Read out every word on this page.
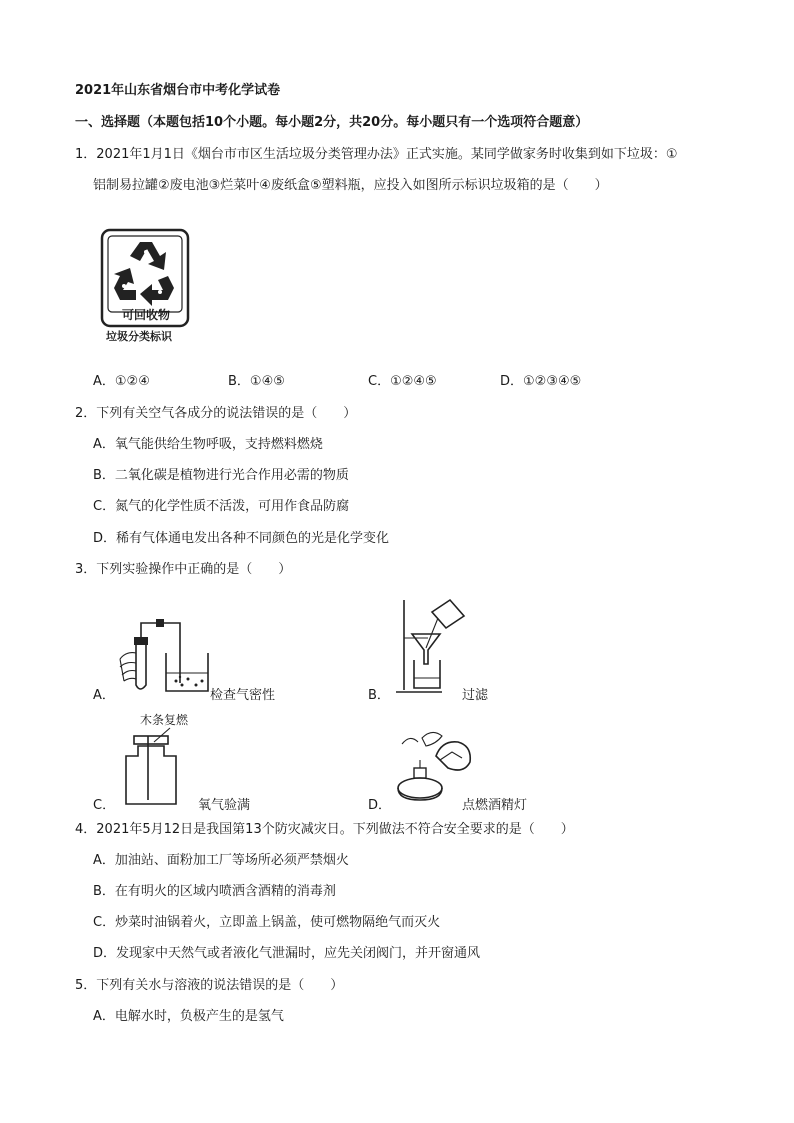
2021年山东省烟台市中考化学试卷
一、选择题（本题包括10个小题。每小题2分，共20分。每小题只有一个选项符合题意）
1．2021年1月1日《烟台市市区生活垃圾分类管理办法》正式实施。某同学做家务时收集到如下垃圾：①
铝制易拉罐②废电池③烂菜叶④废纸盒⑤塑料瓶，应投入如图所示标识垃圾箱的是（　　）
可回收物
垃圾分类标识
A．①②④	B．①④⑤	C．①②④⑤	D．①②③④⑤
2．下列有关空气各成分的说法错误的是（　　）
A．氧气能供给生物呼吸，支持燃料燃烧
B．二氧化碳是植物进行光合作用必需的物质
C．氮气的化学性质不活泼，可用作食品防腐
D．稀有气体通电发出各种不同颜色的光是化学变化
3．下列实验操作中正确的是（　　）
A．	检查气密性	B．	过滤
木条复燃
C．	氧气验满	D．	点燃酒精灯
4．2021年5月12日是我国第13个防灾减灾日。下列做法不符合安全要求的是（　　）
A．加油站、面粉加工厂等场所必须严禁烟火
B．在有明火的区域内喷洒含酒精的消毒剂
C．炒菜时油锅着火，立即盖上锅盖，使可燃物隔绝气而灭火
D．发现家中天然气或者液化气泄漏时，应先关闭阀门，并开窗通风
5．下列有关水与溶液的说法错误的是（　　）
A．电解水时，负极产生的是氢气
